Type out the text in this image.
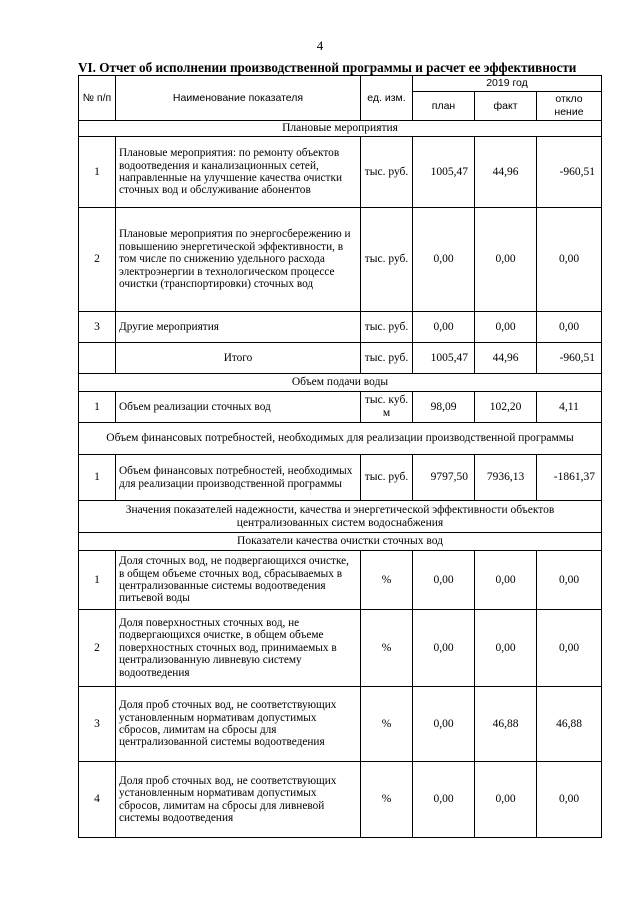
4
VI. Отчет об исполнении производственной программы и расчет ее эффективности
№ п/п	Наименование показателя	ед. изм.	2019 год		
			план	факт	откло нение
Плановые мероприятия					
1	Плановые мероприятия: по ремонту объектов водоотведения и канализационных сетей, направленные на улучшение качества очистки сточных вод и обслуживание абонентов	тыс. руб.	1005,47	44,96	-960,51
2	Плановые мероприятия по энергосбережению и повышению энергетической эффективности, в том числе по снижению удельного расхода электроэнергии в технологическом процессе очистки (транспортировки) сточных вод	тыс. руб.	0,00	0,00	0,00
3	Другие мероприятия	тыс. руб.	0,00	0,00	0,00
	Итого	тыс. руб.	1005,47	44,96	-960,51
Объем подачи воды					
1	Объем реализации сточных вод	тыс. куб. м	98,09	102,20	4,11
Объем финансовых потребностей, необходимых для реализации производственной программы					
1	Объем финансовых потребностей, необходимых для реализации производственной программы	тыс. руб.	9797,50	7936,13	-1861,37
Значения показателей надежности, качества и энергетической эффективности объектов централизованных систем водоснабжения					
Показатели качества очистки сточных вод					
1	Доля сточных вод, не подвергающихся очистке, в общем объеме сточных вод, сбрасываемых в централизованные системы водоотведения питьевой воды	%	0,00	0,00	0,00
2	Доля поверхностных сточных вод, не подвергающихся очистке, в общем объеме поверхностных сточных вод, принимаемых в централизованную ливневую систему водоотведения	%	0,00	0,00	0,00
3	Доля проб сточных вод, не соответствующих установленным нормативам допустимых сбросов, лимитам на сбросы для централизованной системы водоотведения	%	0,00	46,88	46,88
4	Доля проб сточных вод, не соответствующих установленным нормативам допустимых сбросов, лимитам на сбросы для ливневой системы водоотведения	%	0,00	0,00	0,00
